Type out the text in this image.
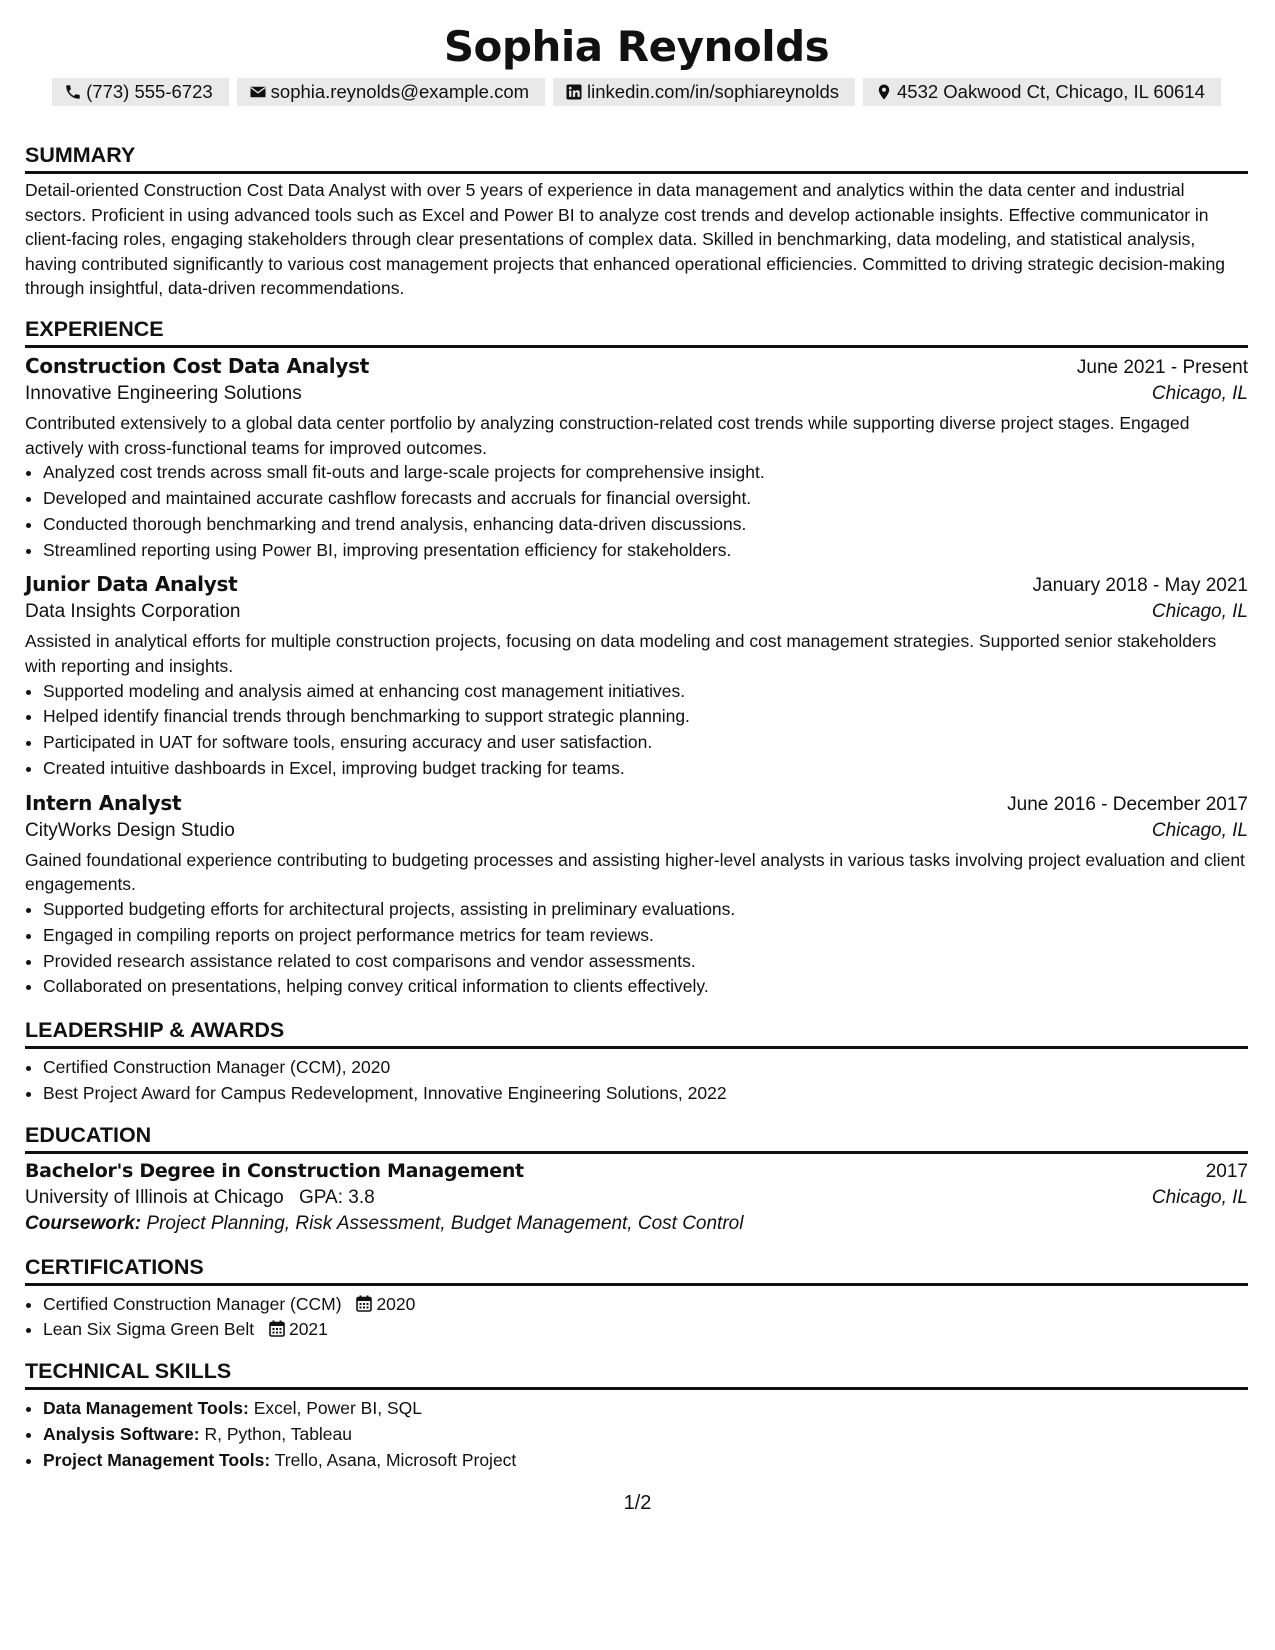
Sophia Reynolds
(773) 555-6723	sophia.reynolds@example.com	linkedin.com/in/sophiareynolds	4532 Oakwood Ct, Chicago, IL 60614
SUMMARY

Detail-oriented Construction Cost Data Analyst with over 5 years of experience in data management and analytics within the data center and industrial sectors. Proficient in using advanced tools such as Excel and Power BI to analyze cost trends and develop actionable insights. Effective communicator in client-facing roles, engaging stakeholders through clear presentations of complex data. Skilled in benchmarking, data modeling, and statistical analysis, having contributed significantly to various cost management projects that enhanced operational efficiencies. Committed to driving strategic decision-making through insightful, data-driven recommendations.

EXPERIENCE
Construction Cost Data Analyst	June 2021 - Present
Innovative Engineering Solutions	Chicago, IL

Contributed extensively to a global data center portfolio by analyzing construction-related cost trends while supporting diverse project stages. Engaged actively with cross-functional teams for improved outcomes.

• Analyzed cost trends across small fit-outs and large-scale projects for comprehensive insight.
• Developed and maintained accurate cashflow forecasts and accruals for financial oversight.
• Conducted thorough benchmarking and trend analysis, enhancing data-driven discussions.
• Streamlined reporting using Power BI, improving presentation efficiency for stakeholders.
Junior Data Analyst	January 2018 - May 2021
Data Insights Corporation	Chicago, IL

Assisted in analytical efforts for multiple construction projects, focusing on data modeling and cost management strategies. Supported senior stakeholders with reporting and insights.

• Supported modeling and analysis aimed at enhancing cost management initiatives.
• Helped identify financial trends through benchmarking to support strategic planning.
• Participated in UAT for software tools, ensuring accuracy and user satisfaction.
• Created intuitive dashboards in Excel, improving budget tracking for teams.
Intern Analyst	June 2016 - December 2017
CityWorks Design Studio	Chicago, IL

Gained foundational experience contributing to budgeting processes and assisting higher-level analysts in various tasks involving project evaluation and client engagements.

• Supported budgeting efforts for architectural projects, assisting in preliminary evaluations.
• Engaged in compiling reports on project performance metrics for team reviews.
• Provided research assistance related to cost comparisons and vendor assessments.
• Collaborated on presentations, helping convey critical information to clients effectively.
LEADERSHIP & AWARDS
• Certified Construction Manager (CCM), 2020
• Best Project Award for Campus Redevelopment, Innovative Engineering Solutions, 2022
EDUCATION
Bachelor's Degree in Construction Management	2017
University of Illinois at Chicago GPA: 3.8	Chicago, IL
Coursework: Project Planning, Risk Assessment, Budget Management, Cost Control
CERTIFICATIONS
• Certified Construction Manager (CCM) 2020
• Lean Six Sigma Green Belt 2021
TECHNICAL SKILLS
• Data Management Tools: Excel, Power BI, SQL
• Analysis Software: R, Python, Tableau
• Project Management Tools: Trello, Asana, Microsoft Project
1/2
